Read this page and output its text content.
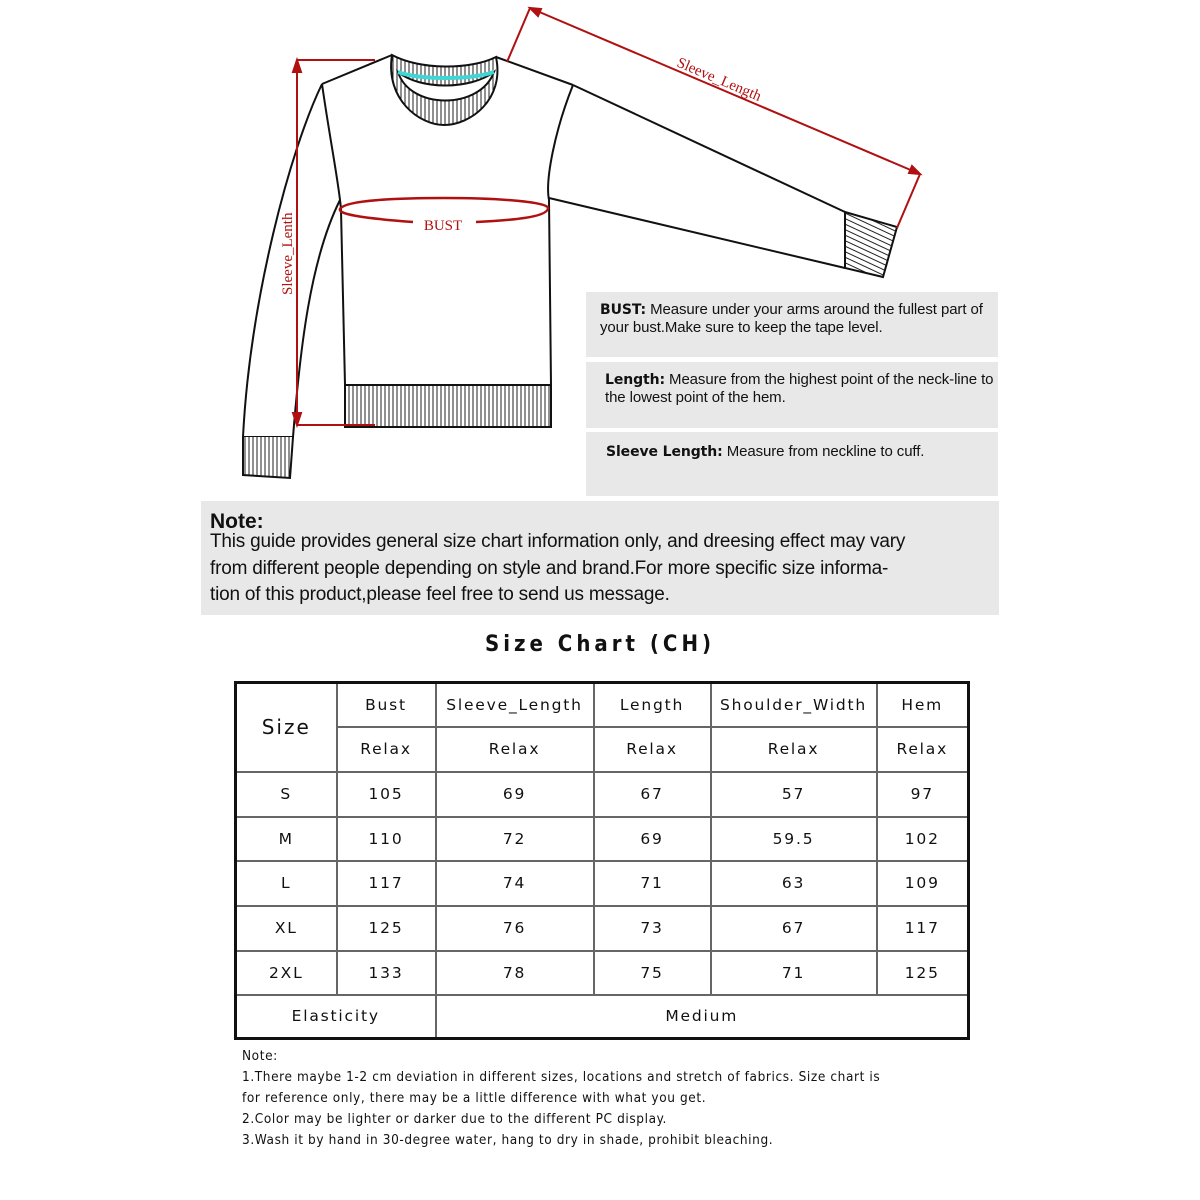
Sleeve_Lenth	BUST
Sleeve_Length
BUST: Measure under your arms around the fullest part of your bust.Make sure to keep the tape level.
Length: Measure from the highest point of the neck-line to the lowest point of the hem.
Sleeve Length: Measure from neckline to cuff.
Note:
This guide provides general size chart information only, and dreesing effect may vary
from different people depending on style and brand.For more specific size informa-
tion of this product,please feel free to send us message.
Size Chart (CH)
Size	Bust	Sleeve_Length	Length	Shoulder_Width	Hem
	Relax	Relax	Relax	Relax	Relax
S	105	69	67	57	97
M	110	72	69	59.5	102
L	117	74	71	63	109
XL	125	76	73	67	117
2XL	133	78	75	71	125
Elasticity		Medium			
Note:
1.There maybe 1-2 cm deviation in different sizes, locations and stretch of fabrics. Size chart is
for reference only, there may be a little difference with what you get.
2.Color may be lighter or darker due to the different PC display.
3.Wash it by hand in 30-degree water, hang to dry in shade, prohibit bleaching.
